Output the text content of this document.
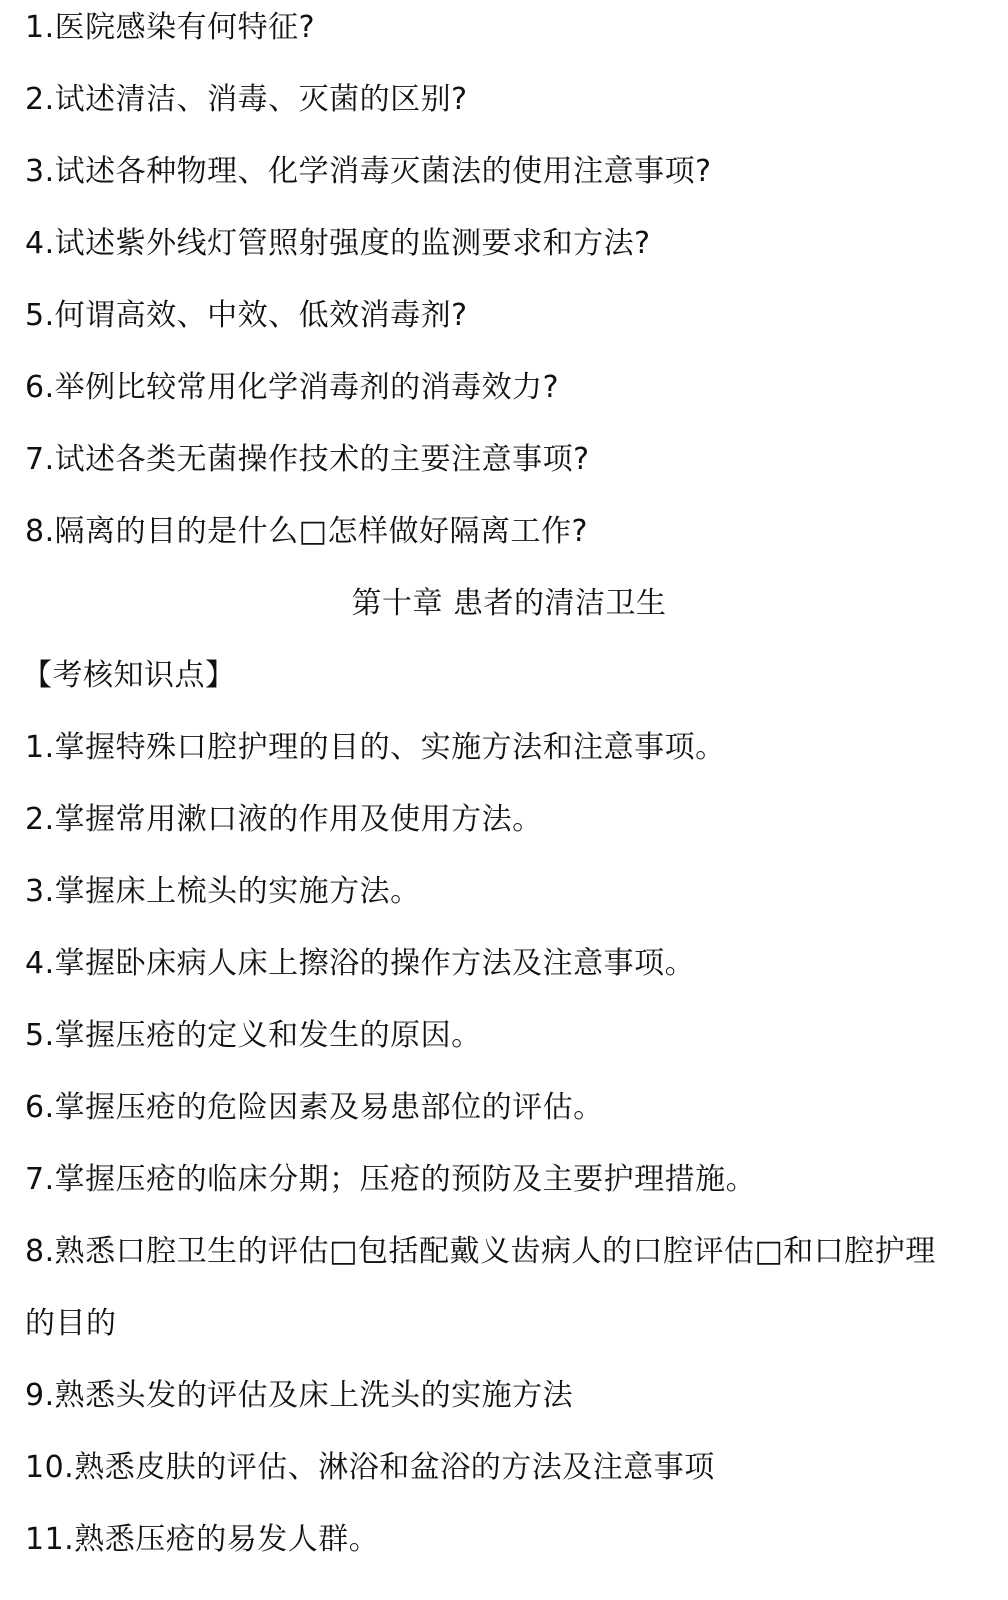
1.医院感染有何特征?
2.试述清洁、消毒、灭菌的区别?
3.试述各种物理、化学消毒灭菌法的使用注意事项?
4.试述紫外线灯管照射强度的监测要求和方法?
5.何谓高效、中效、低效消毒剂?
6.举例比较常用化学消毒剂的消毒效力?
7.试述各类无菌操作技术的主要注意事项?
8.隔离的目的是什么□怎样做好隔离工作?
第十章 患者的清洁卫生
【考核知识点】
1.掌握特殊口腔护理的目的、实施方法和注意事项。
2.掌握常用漱口液的作用及使用方法。
3.掌握床上梳头的实施方法。
4.掌握卧床病人床上擦浴的操作方法及注意事项。
5.掌握压疮的定义和发生的原因。
6.掌握压疮的危险因素及易患部位的评估。
7.掌握压疮的临床分期；压疮的预防及主要护理措施。
8.熟悉口腔卫生的评估□包括配戴义齿病人的口腔评估□和口腔护理
的目的
9.熟悉头发的评估及床上洗头的实施方法
10.熟悉皮肤的评估、淋浴和盆浴的方法及注意事项
11.熟悉压疮的易发人群。
